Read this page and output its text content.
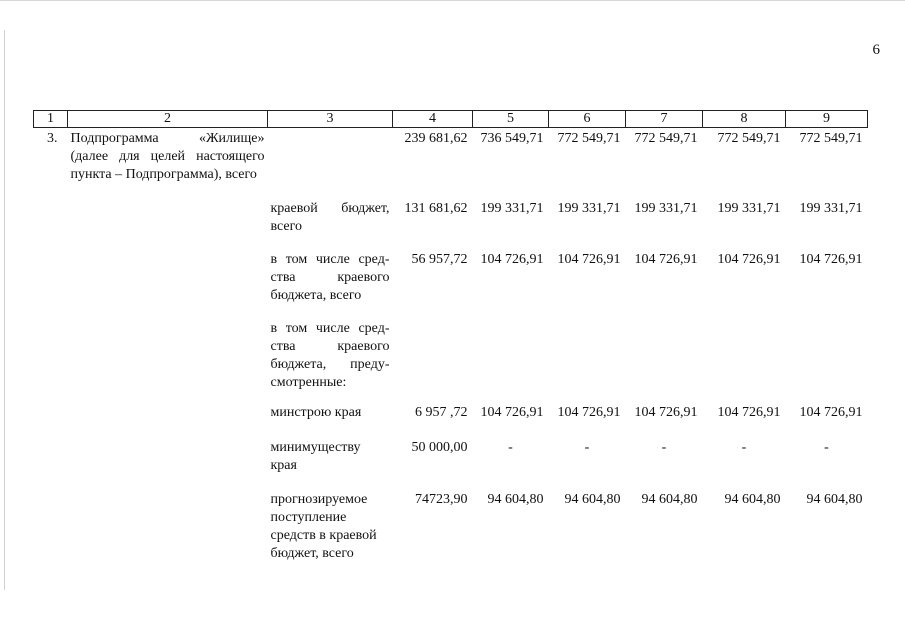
6
1	2	3	4	5	6	7	8	9
3.	Подпрограмма «Жилище» (далее для целей настоящего пункта – Подпрограмма), всего		239 681,62	736 549,71	772 549,71	772 549,71	772 549,71	772 549,71
		краевой бюджет, всего	131 681,62	199 331,71	199 331,71	199 331,71	199 331,71	199 331,71
		в том числе сред-ства краевого бюджета, всего	56 957,72	104 726,91	104 726,91	104 726,91	104 726,91	104 726,91
		в том числе сред-ства краевого бюджета, преду-смотренные:						
		минстрою края	6 957 ,72	104 726,91	104 726,91	104 726,91	104 726,91	104 726,91
		минимуществу края	50 000,00	-	-	-	-	-
		прогнозируемое поступление средств в краевой бюджет, всего	74723,90	94 604,80	94 604,80	94 604,80	94 604,80	94 604,80
